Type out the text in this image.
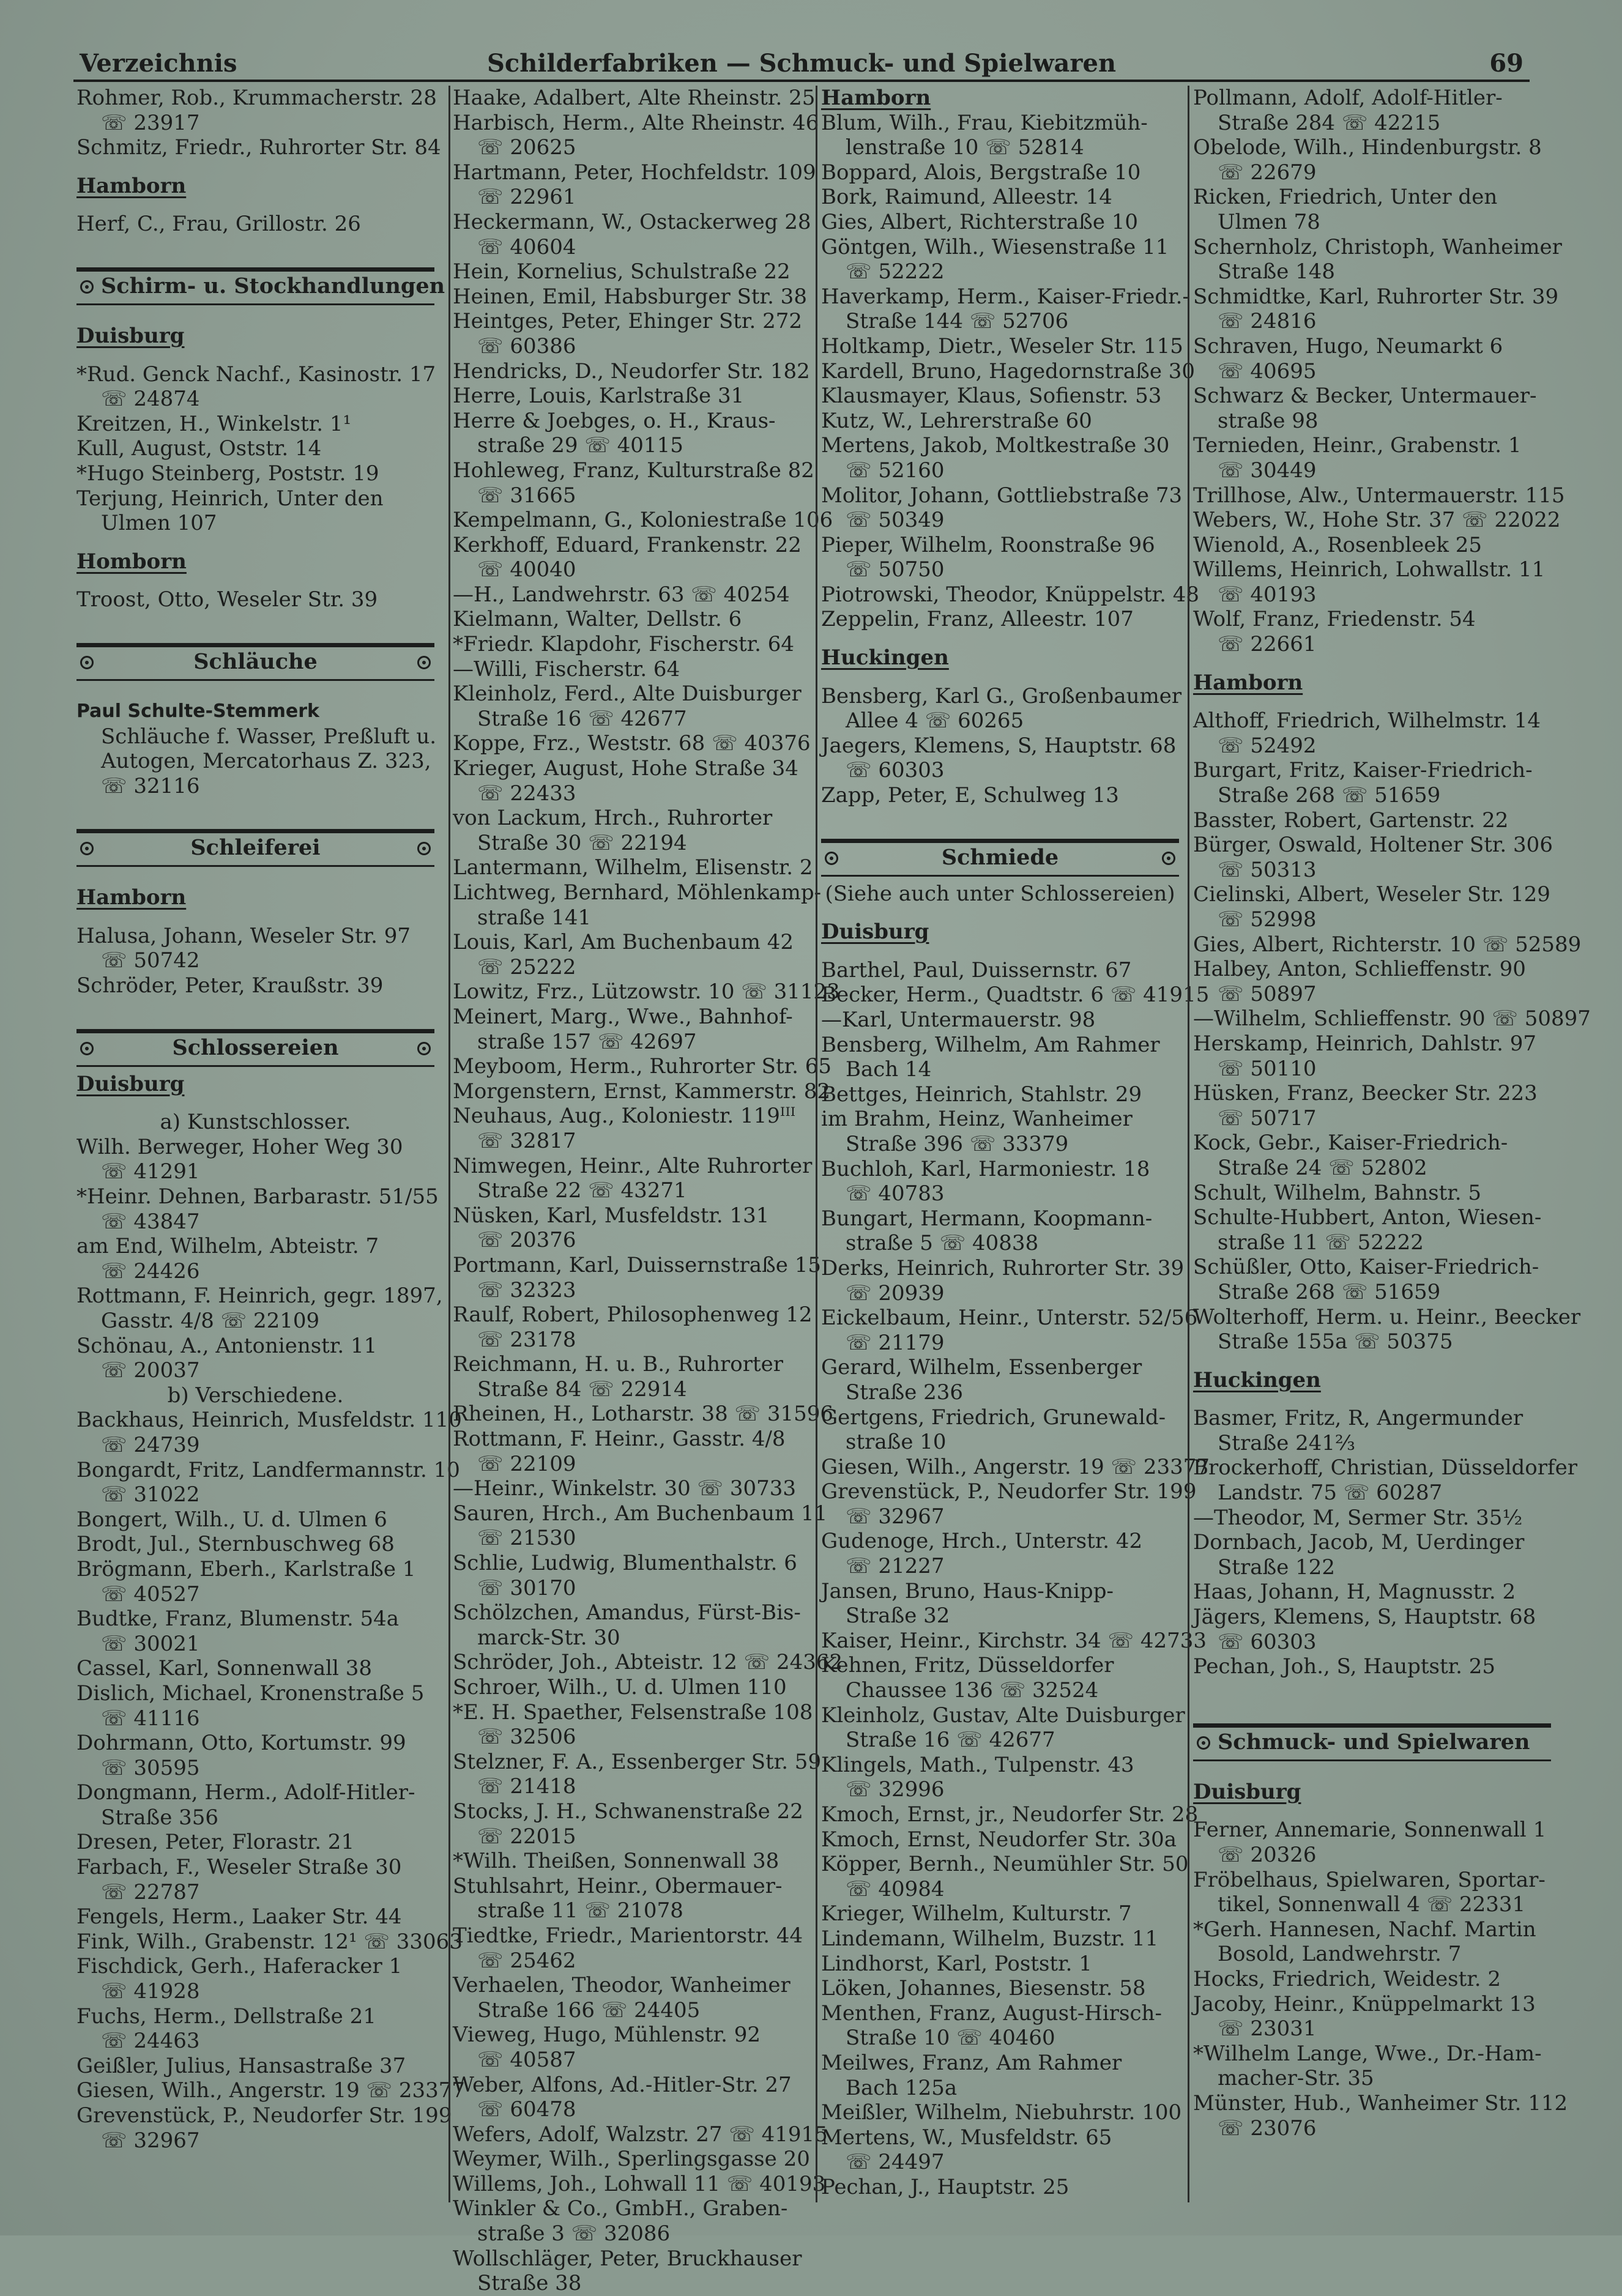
Verzeichnis	Schilderfabriken — Schmuck- und Spielwaren	69
Rohmer, Rob., Krummacherstr. 28
☏ 23917
Schmitz, Friedr., Ruhrorter Str. 84
Hamborn
Herf, C., Frau, Grillostr. 26
Schirm- u. Stockhandlungen
Duisburg
*Rud. Genck Nachf., Kasinostr. 17
☏ 24874
Kreitzen, H., Winkelstr. 1¹
Kull, August, Oststr. 14
*Hugo Steinberg, Poststr. 19
Terjung, Heinrich, Unter den
Ulmen 107
Homborn
Troost, Otto, Weseler Str. 39
Schläuche
Paul Schulte-Stemmerk
Schläuche f. Wasser, Preßluft u.
Autogen, Mercatorhaus Z. 323,
☏ 32116
Schleiferei
Hamborn
Halusa, Johann, Weseler Str. 97
☏ 50742
Schröder, Peter, Kraußstr. 39
Schlossereien
Duisburg
a) Kunstschlosser.
Wilh. Berweger, Hoher Weg 30
☏ 41291
*Heinr. Dehnen, Barbarastr. 51/55
☏ 43847
am End, Wilhelm, Abteistr. 7
☏ 24426
Rottmann, F. Heinrich, gegr. 1897,
Gasstr. 4/8 ☏ 22109
Schönau, A., Antonienstr. 11
☏ 20037
b) Verschiedene.
Backhaus, Heinrich, Musfeldstr. 110
☏ 24739
Bongardt, Fritz, Landfermannstr. 10
☏ 31022
Bongert, Wilh., U. d. Ulmen 6
Brodt, Jul., Sternbuschweg 68
Brögmann, Eberh., Karlstraße 1
☏ 40527
Budtke, Franz, Blumenstr. 54a
☏ 30021
Cassel, Karl, Sonnenwall 38
Dislich, Michael, Kronenstraße 5
☏ 41116
Dohrmann, Otto, Kortumstr. 99
☏ 30595
Dongmann, Herm., Adolf-Hitler-
Straße 356
Dresen, Peter, Florastr. 21
Farbach, F., Weseler Straße 30
☏ 22787
Fengels, Herm., Laaker Str. 44
Fink, Wilh., Grabenstr. 12¹ ☏ 33063
Fischdick, Gerh., Haferacker 1
☏ 41928
Fuchs, Herm., Dellstraße 21
☏ 24463
Geißler, Julius, Hansastraße 37
Giesen, Wilh., Angerstr. 19 ☏ 23377
Grevenstück, P., Neudorfer Str. 199
☏ 32967
Haake, Adalbert, Alte Rheinstr. 25
Harbisch, Herm., Alte Rheinstr. 46
☏ 20625
Hartmann, Peter, Hochfeldstr. 109
☏ 22961
Heckermann, W., Ostackerweg 28
☏ 40604
Hein, Kornelius, Schulstraße 22
Heinen, Emil, Habsburger Str. 38
Heintges, Peter, Ehinger Str. 272
☏ 60386
Hendricks, D., Neudorfer Str. 182
Herre, Louis, Karlstraße 31
Herre & Joebges, o. H., Kraus-
straße 29 ☏ 40115
Hohleweg, Franz, Kulturstraße 82
☏ 31665
Kempelmann, G., Koloniestraße 106
Kerkhoff, Eduard, Frankenstr. 22
☏ 40040
—H., Landwehrstr. 63 ☏ 40254
Kielmann, Walter, Dellstr. 6
*Friedr. Klapdohr, Fischerstr. 64
—Willi, Fischerstr. 64
Kleinholz, Ferd., Alte Duisburger
Straße 16 ☏ 42677
Koppe, Frz., Weststr. 68 ☏ 40376
Krieger, August, Hohe Straße 34
☏ 22433
von Lackum, Hrch., Ruhrorter
Straße 30 ☏ 22194
Lantermann, Wilhelm, Elisenstr. 2
Lichtweg, Bernhard, Möhlenkamp-
straße 141
Louis, Karl, Am Buchenbaum 42
☏ 25222
Lowitz, Frz., Lützowstr. 10 ☏ 31123
Meinert, Marg., Wwe., Bahnhof-
straße 157 ☏ 42697
Meyboom, Herm., Ruhrorter Str. 65
Morgenstern, Ernst, Kammerstr. 82
Neuhaus, Aug., Koloniestr. 119ᴵᴵᴵ
☏ 32817
Nimwegen, Heinr., Alte Ruhrorter
Straße 22 ☏ 43271
Nüsken, Karl, Musfeldstr. 131
☏ 20376
Portmann, Karl, Duissernstraße 15
☏ 32323
Raulf, Robert, Philosophenweg 12
☏ 23178
Reichmann, H. u. B., Ruhrorter
Straße 84 ☏ 22914
Rheinen, H., Lotharstr. 38 ☏ 31596
Rottmann, F. Heinr., Gasstr. 4/8
☏ 22109
—Heinr., Winkelstr. 30 ☏ 30733
Sauren, Hrch., Am Buchenbaum 11
☏ 21530
Schlie, Ludwig, Blumenthalstr. 6
☏ 30170
Schölzchen, Amandus, Fürst-Bis-
marck-Str. 30
Schröder, Joh., Abteistr. 12 ☏ 24362
Schroer, Wilh., U. d. Ulmen 110
*E. H. Spaether, Felsenstraße 108
☏ 32506
Stelzner, F. A., Essenberger Str. 59
☏ 21418
Stocks, J. H., Schwanenstraße 22
☏ 22015
*Wilh. Theißen, Sonnenwall 38
Stuhlsahrt, Heinr., Obermauer-
straße 11 ☏ 21078
Tiedtke, Friedr., Marientorstr. 44
☏ 25462
Verhaelen, Theodor, Wanheimer
Straße 166 ☏ 24405
Vieweg, Hugo, Mühlenstr. 92
☏ 40587
Weber, Alfons, Ad.-Hitler-Str. 27
☏ 60478
Wefers, Adolf, Walzstr. 27 ☏ 41915
Weymer, Wilh., Sperlingsgasse 20
Willems, Joh., Lohwall 11 ☏ 40193
Winkler & Co., GmbH., Graben-
straße 3 ☏ 32086
Wollschläger, Peter, Bruckhauser
Straße 38
Hamborn
Blum, Wilh., Frau, Kiebitzmüh-
lenstraße 10 ☏ 52814
Boppard, Alois, Bergstraße 10
Bork, Raimund, Alleestr. 14
Gies, Albert, Richterstraße 10
Göntgen, Wilh., Wiesenstraße 11
☏ 52222
Haverkamp, Herm., Kaiser-Friedr.-
Straße 144 ☏ 52706
Holtkamp, Dietr., Weseler Str. 115
Kardell, Bruno, Hagedornstraße 30
Klausmayer, Klaus, Sofienstr. 53
Kutz, W., Lehrerstraße 60
Mertens, Jakob, Moltkestraße 30
☏ 52160
Molitor, Johann, Gottliebstraße 73
☏ 50349
Pieper, Wilhelm, Roonstraße 96
☏ 50750
Piotrowski, Theodor, Knüppelstr. 48
Zeppelin, Franz, Alleestr. 107
Huckingen
Bensberg, Karl G., Großenbaumer
Allee 4 ☏ 60265
Jaegers, Klemens, S, Hauptstr. 68
☏ 60303
Zapp, Peter, E, Schulweg 13
Schmiede
(Siehe auch unter Schlossereien)
Duisburg
Barthel, Paul, Duissernstr. 67
Becker, Herm., Quadtstr. 6 ☏ 41915
—Karl, Untermauerstr. 98
Bensberg, Wilhelm, Am Rahmer
Bach 14
Bettges, Heinrich, Stahlstr. 29
im Brahm, Heinz, Wanheimer
Straße 396 ☏ 33379
Buchloh, Karl, Harmoniestr. 18
☏ 40783
Bungart, Hermann, Koopmann-
straße 5 ☏ 40838
Derks, Heinrich, Ruhrorter Str. 39
☏ 20939
Eickelbaum, Heinr., Unterstr. 52/56
☏ 21179
Gerard, Wilhelm, Essenberger
Straße 236
Gertgens, Friedrich, Grunewald-
straße 10
Giesen, Wilh., Angerstr. 19 ☏ 23377
Grevenstück, P., Neudorfer Str. 199
☏ 32967
Gudenoge, Hrch., Unterstr. 42
☏ 21227
Jansen, Bruno, Haus-Knipp-
Straße 32
Kaiser, Heinr., Kirchstr. 34 ☏ 42733
Kehnen, Fritz, Düsseldorfer
Chaussee 136 ☏ 32524
Kleinholz, Gustav, Alte Duisburger
Straße 16 ☏ 42677
Klingels, Math., Tulpenstr. 43
☏ 32996
Kmoch, Ernst, jr., Neudorfer Str. 28
Kmoch, Ernst, Neudorfer Str. 30a
Köpper, Bernh., Neumühler Str. 50
☏ 40984
Krieger, Wilhelm, Kulturstr. 7
Lindemann, Wilhelm, Buzstr. 11
Lindhorst, Karl, Poststr. 1
Löken, Johannes, Biesenstr. 58
Menthen, Franz, August-Hirsch-
Straße 10 ☏ 40460
Meilwes, Franz, Am Rahmer
Bach 125a
Meißler, Wilhelm, Niebuhrstr. 100
Mertens, W., Musfeldstr. 65
☏ 24497
Pechan, J., Hauptstr. 25
Pollmann, Adolf, Adolf-Hitler-
Straße 284 ☏ 42215
Obelode, Wilh., Hindenburgstr. 8
☏ 22679
Ricken, Friedrich, Unter den
Ulmen 78
Schernholz, Christoph, Wanheimer
Straße 148
Schmidtke, Karl, Ruhrorter Str. 39
☏ 24816
Schraven, Hugo, Neumarkt 6
☏ 40695
Schwarz & Becker, Untermauer-
straße 98
Ternieden, Heinr., Grabenstr. 1
☏ 30449
Trillhose, Alw., Untermauerstr. 115
Webers, W., Hohe Str. 37 ☏ 22022
Wienold, A., Rosenbleek 25
Willems, Heinrich, Lohwallstr. 11
☏ 40193
Wolf, Franz, Friedenstr. 54
☏ 22661
Hamborn
Althoff, Friedrich, Wilhelmstr. 14
☏ 52492
Burgart, Fritz, Kaiser-Friedrich-
Straße 268 ☏ 51659
Basster, Robert, Gartenstr. 22
Bürger, Oswald, Holtener Str. 306
☏ 50313
Cielinski, Albert, Weseler Str. 129
☏ 52998
Gies, Albert, Richterstr. 10 ☏ 52589
Halbey, Anton, Schlieffenstr. 90
☏ 50897
—Wilhelm, Schlieffenstr. 90 ☏ 50897
Herskamp, Heinrich, Dahlstr. 97
☏ 50110
Hüsken, Franz, Beecker Str. 223
☏ 50717
Kock, Gebr., Kaiser-Friedrich-
Straße 24 ☏ 52802
Schult, Wilhelm, Bahnstr. 5
Schulte-Hubbert, Anton, Wiesen-
straße 11 ☏ 52222
Schüßler, Otto, Kaiser-Friedrich-
Straße 268 ☏ 51659
Wolterhoff, Herm. u. Heinr., Beecker
Straße 155a ☏ 50375
Huckingen
Basmer, Fritz, R, Angermunder
Straße 241⅔
Brockerhoff, Christian, Düsseldorfer
Landstr. 75 ☏ 60287
—Theodor, M, Sermer Str. 35½
Dornbach, Jacob, M, Uerdinger
Straße 122
Haas, Johann, H, Magnusstr. 2
Jägers, Klemens, S, Hauptstr. 68
☏ 60303
Pechan, Joh., S, Hauptstr. 25
Schmuck- und Spielwaren
Duisburg
Ferner, Annemarie, Sonnenwall 1
☏ 20326
Fröbelhaus, Spielwaren, Sportar-
tikel, Sonnenwall 4 ☏ 22331
*Gerh. Hannesen, Nachf. Martin
Bosold, Landwehrstr. 7
Hocks, Friedrich, Weidestr. 2
Jacoby, Heinr., Knüppelmarkt 13
☏ 23031
*Wilhelm Lange, Wwe., Dr.-Ham-
macher-Str. 35
Münster, Hub., Wanheimer Str. 112
☏ 23076
